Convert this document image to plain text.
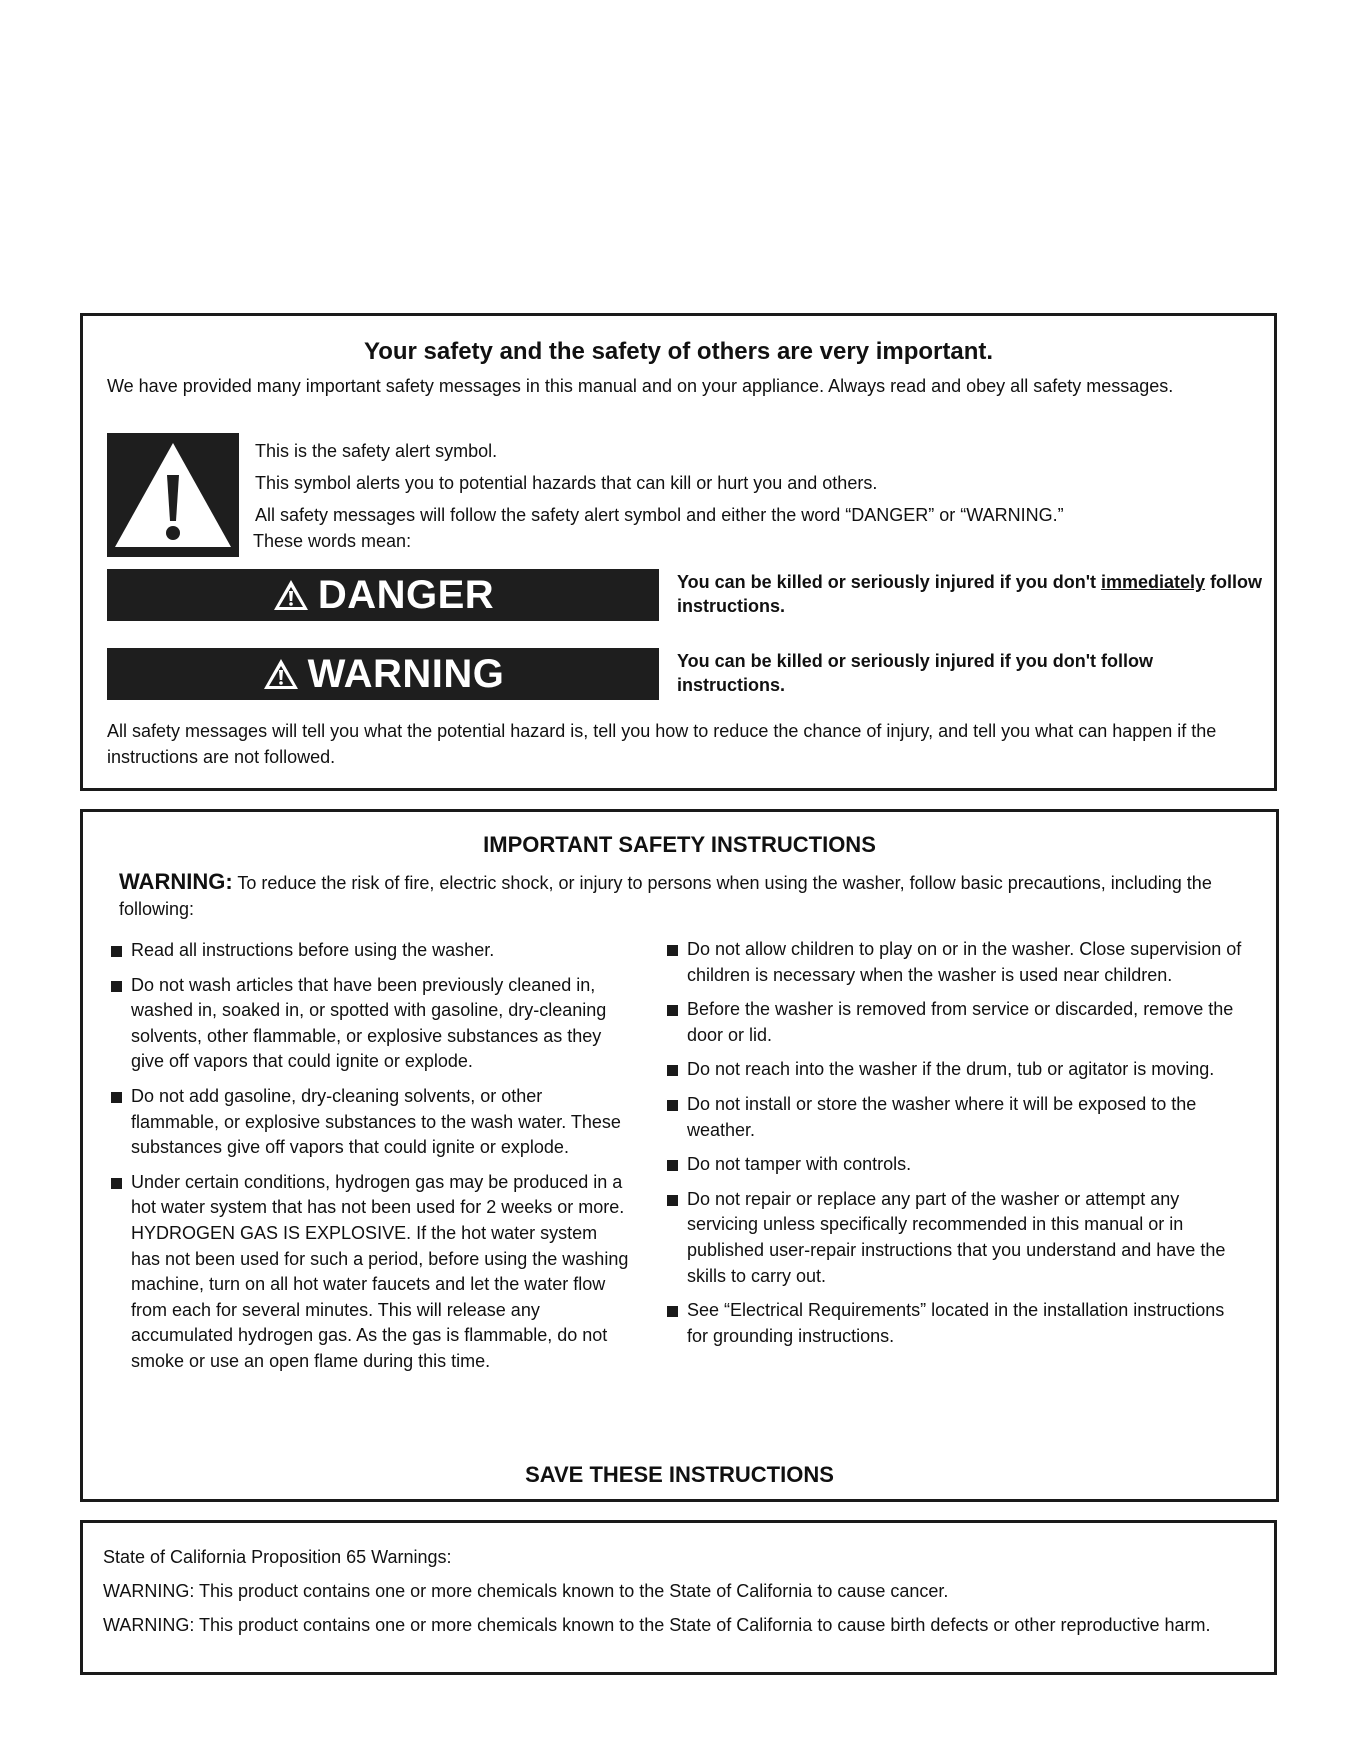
Your safety and the safety of others are very important.
We have provided many important safety messages in this manual and on your appliance. Always read and obey all safety messages.
This is the safety alert symbol.
This symbol alerts you to potential hazards that can kill or hurt you and others.
All safety messages will follow the safety alert symbol and either the word “DANGER” or “WARNING.”
These words mean:
DANGER	You can be killed or seriously injured if you don't immediately follow instructions.
WARNING	You can be killed or seriously injured if you don't follow instructions.
All safety messages will tell you what the potential hazard is, tell you how to reduce the chance of injury, and tell you what can happen if the instructions are not followed.
IMPORTANT SAFETY INSTRUCTIONS
WARNING: To reduce the risk of fire, electric shock, or injury to persons when using the washer, follow basic precautions, including the following:
Read all instructions before using the washer.
Do not wash articles that have been previously cleaned in, washed in, soaked in, or spotted with gasoline, dry-cleaning solvents, other flammable, or explosive substances as they give off vapors that could ignite or explode.
Do not add gasoline, dry-cleaning solvents, or other flammable, or explosive substances to the wash water. These substances give off vapors that could ignite or explode.
Under certain conditions, hydrogen gas may be produced in a hot water system that has not been used for 2 weeks or more. HYDROGEN GAS IS EXPLOSIVE. If the hot water system has not been used for such a period, before using the washing machine, turn on all hot water faucets and let the water flow from each for several minutes. This will release any accumulated hydrogen gas. As the gas is flammable, do not smoke or use an open flame during this time.
Do not allow children to play on or in the washer. Close supervision of children is necessary when the washer is used near children.
Before the washer is removed from service or discarded, remove the door or lid.
Do not reach into the washer if the drum, tub or agitator is moving.
Do not install or store the washer where it will be exposed to the weather.
Do not tamper with controls.
Do not repair or replace any part of the washer or attempt any servicing unless specifically recommended in this manual or in published user-repair instructions that you understand and have the skills to carry out.
See “Electrical Requirements” located in the installation instructions for grounding instructions.
SAVE THESE INSTRUCTIONS
State of California Proposition 65 Warnings:
WARNING: This product contains one or more chemicals known to the State of California to cause cancer.
WARNING: This product contains one or more chemicals known to the State of California to cause birth defects or other reproductive harm.
